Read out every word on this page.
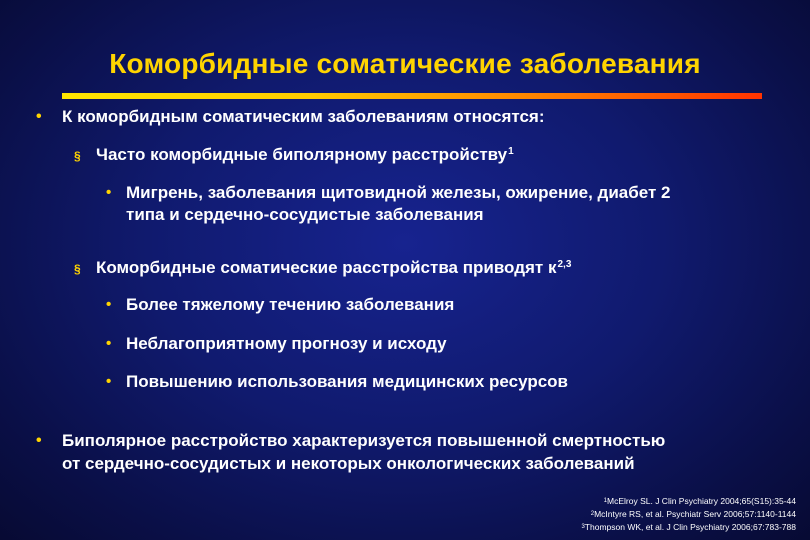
Коморбидные соматические заболевания
• К коморбидным соматическим заболеваниям относятся:
§ Часто коморбидные биполярному расстройству$^1$
• Мигрень, заболевания щитовидной железы, ожирение, диабет 2
типа и сердечно-сосудистые заболевания
§ Коморбидные соматические расстройства приводят $к^{2,3}$
• Более тяжелому течению заболевания
• Неблагоприятному прогнозу и исходу
• Повышению использования медицинских ресурсов
• Биполярное расстройство характеризуется повышенной смертностью
от сердечно-сосудистых и некоторых онкологических заболеваний
$^1$McElroy SL. J Clin Psychiatry 2004;65(S15):35-44
$^2$McIntyre RS, et al. Psychiatr Serv 2006;57:1140-1144
$^3$Thompson WK, et al. J Clin Psychiatry 2006;67:783-788
